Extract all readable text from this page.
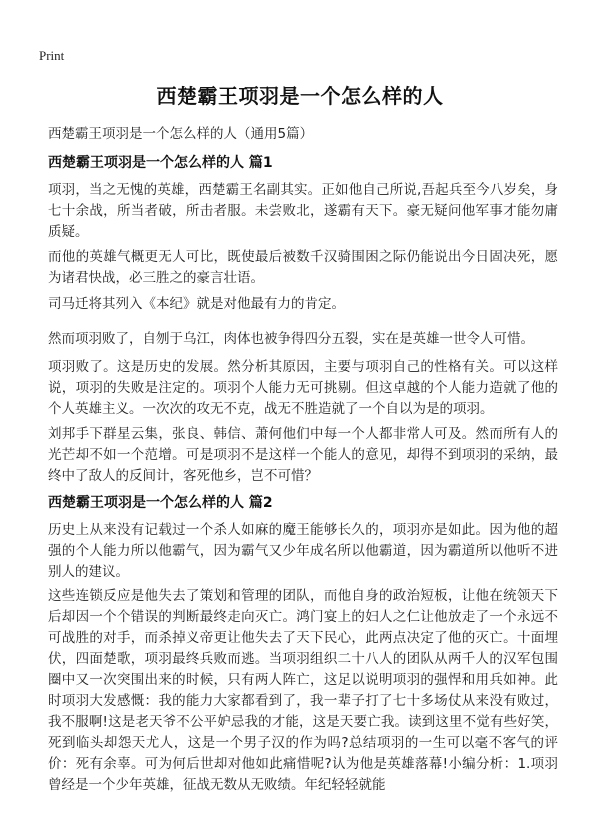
Print
西楚霸王项羽是一个怎么样的人
西楚霸王项羽是一个怎么样的人（通用5篇）
西楚霸王项羽是一个怎么样的人 篇1

项羽，当之无愧的英雄，西楚霸王名副其实。正如他自己所说,吾起兵至今八岁矣，身七十余战，所当者破，所击者服。未尝败北，遂霸有天下。豪无疑问他军事才能勿庸质疑。

而他的英雄气概更无人可比，既使最后被数千汉骑围困之际仍能说出今日固决死，愿为诸君快战，必三胜之的豪言壮语。

司马迁将其列入《本纪》就是对他最有力的肯定。

然而项羽败了，自刎于乌江，肉体也被争得四分五裂，实在是英雄一世令人可惜。

项羽败了。这是历史的发展。然分析其原因，主要与项羽自己的性格有关。可以这样说，项羽的失败是注定的。项羽个人能力无可挑剔。但这卓越的个人能力造就了他的个人英雄主义。一次次的攻无不克，战无不胜造就了一个自以为是的项羽。

刘邦手下群星云集，张良、韩信、萧何他们中每一个人都非常人可及。然而所有人的光芒却不如一个范增。可是项羽不是这样一个能人的意见，却得不到项羽的采纳，最终中了敌人的反间计，客死他乡，岂不可惜？

西楚霸王项羽是一个怎么样的人 篇2

历史上从来没有记载过一个杀人如麻的魔王能够长久的，项羽亦是如此。因为他的超强的个人能力所以他霸气，因为霸气又少年成名所以他霸道，因为霸道所以他听不进别人的建议。

这些连锁反应是他失去了策划和管理的团队，而他自身的政治短板，让他在统领天下后却因一个个错误的判断最终走向灭亡。鸿门宴上的妇人之仁让他放走了一个永远不可战胜的对手，而杀掉义帝更让他失去了天下民心，此两点决定了他的灭亡。十面埋伏，四面楚歌，项羽最终兵败而逃。当项羽组织二十八人的团队从两千人的汉军包围圈中又一次突围出来的时候，只有两人阵亡，这足以说明项羽的强悍和用兵如神。此时项羽大发感慨：我的能力大家都看到了，我一辈子打了七十多场仗从来没有败过，我不服啊!这是老天爷不公平妒忌我的才能，这是天要亡我。读到这里不觉有些好笑，死到临头却怨天尤人，这是一个男子汉的作为吗?总结项羽的一生可以毫不客气的评价：死有余辜。可为何后世却对他如此痛惜呢?认为他是英雄落幕!小编分析：1.项羽曾经是一个少年英雄，征战无数从无败绩。年纪轻轻就能
